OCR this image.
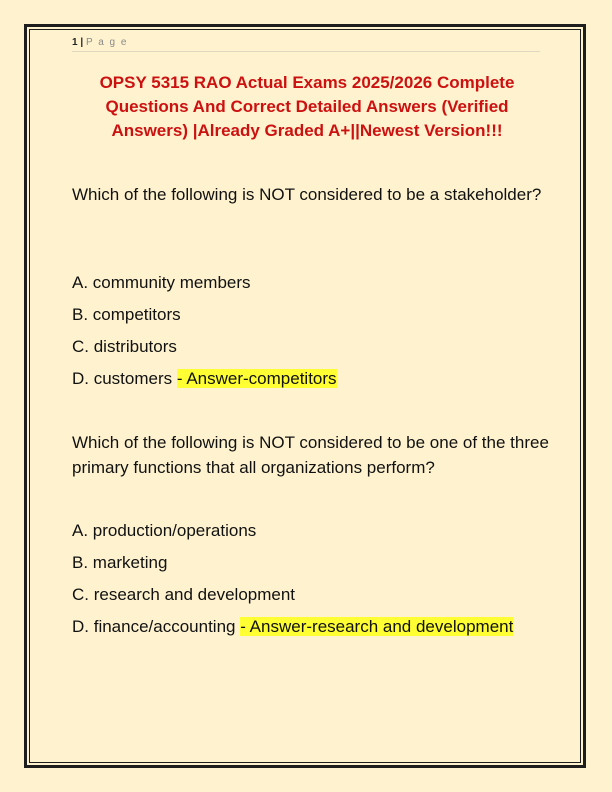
1 | P a g e
OPSY 5315 RAO Actual Exams 2025/2026 Complete Questions And Correct Detailed Answers (Verified Answers) |Already Graded A+||Newest Version!!!
Which of the following is NOT considered to be a stakeholder?
A. community members
B. competitors
C. distributors
D. customers - Answer-competitors
Which of the following is NOT considered to be one of the three primary functions that all organizations perform?
A. production/operations
B. marketing
C. research and development
D. finance/accounting - Answer-research and development
